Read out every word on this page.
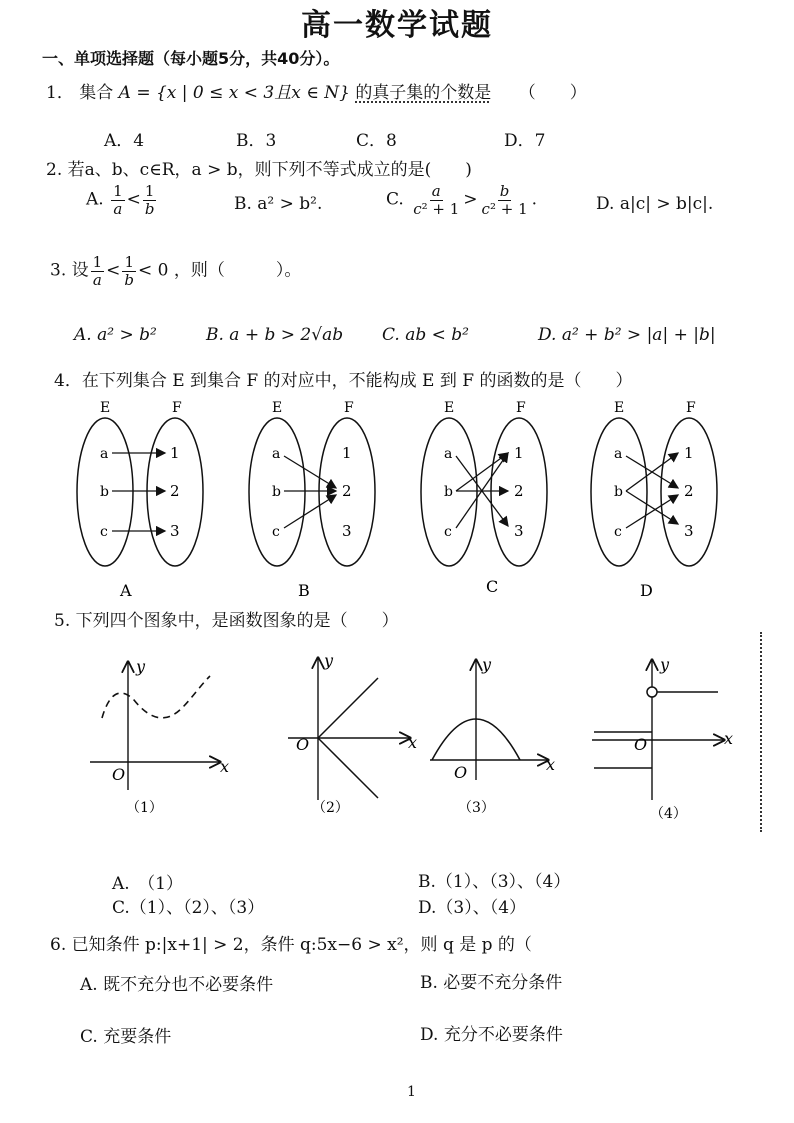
高一数学试题
一、单项选择题（每小题5分，共40分）。
1． 集合 A = {x | 0 ≤ x < 3且x ∈ N} 的真子集的个数是 （　　）
A．4	B．3	C．8	D．7
2. 若a、b、c∈R，a > b，则下列不等式成立的是(　　)
A. $\frac{1}{a} < \frac{1}{b}$	B. a² > b².	C. $\frac{a}{\text{c² + 1}} > \frac{b}{\text{c² + 1}}$ .	D. a|c| > b|c|.
3. 设 $\frac{1}{a} < \frac{1}{b} < 0$ ，则（　　　）。
A. a² > b²	B. a + b > 2√ab C. ab < b²	D. a² + b² > |a| + |b|
4．在下列集合 E 到集合 F 的对应中，不能构成 E 到 F 的函数的是（　　）
E	F
a
b
c
1
2
3
A
E	F
a
b
c
1
2
3
B
E	F
a
b
c
1
2
3
C
E	F
a
b
c
1
2
3
D
5. 下列四个图象中，是函数图象的是（　　）
x
y
O
（1）
x
y
O
（2）
x
y
O
（3）
x
y
O
（4）
A.　（1）	B.（1）、（3）、（4）
C.（1）、（2）、（3）	D.（3）、（4）
6. 已知条件 p:|x+1| > 2，条件 q:5x−6 > x²，则 q 是 p 的（
A. 既不充分也不必要条件	B. 必要不充分条件
C. 充要条件	D. 充分不必要条件
1
